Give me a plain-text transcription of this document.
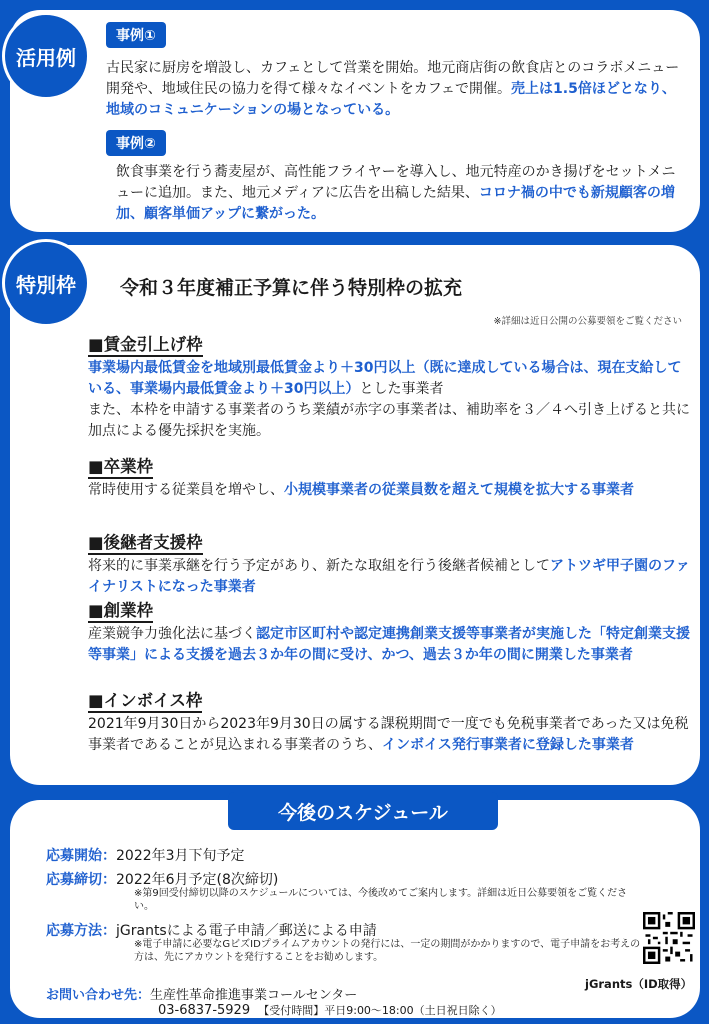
活用例
事例①
古民家に厨房を増設し、カフェとして営業を開始。地元商店街の飲食店とのコラボメニュー開発や、地域住民の協力を得て様々なイベントをカフェで開催。売上は1.5倍ほどとなり、地域のコミュニケーションの場となっている。
事例②
飲食事業を行う蕎麦屋が、高性能フライヤーを導入し、地元特産のかき揚げをセットメニューに追加。また、地元メディアに広告を出稿した結果、コロナ禍の中でも新規顧客の増加、顧客単価アップに繋がった。
特別枠	令和３年度補正予算に伴う特別枠の拡充
※詳細は近日公開の公募要領をご覧ください
■賃金引上げ枠
事業場内最低賃金を地域別最低賃金より＋30円以上（既に達成している場合は、現在支給している、事業場内最低賃金より＋30円以上）とした事業者
また、本枠を申請する事業者のうち業績が赤字の事業者は、補助率を３／４へ引き上げると共に加点による優先採択を実施。
■卒業枠
常時使用する従業員を増やし、小規模事業者の従業員数を超えて規模を拡大する事業者
■後継者支援枠
将来的に事業承継を行う予定があり、新たな取組を行う後継者候補としてアトツギ甲子園のファイナリストになった事業者
■創業枠
産業競争力強化法に基づく認定市区町村や認定連携創業支援等事業者が実施した「特定創業支援等事業」による支援を過去３か年の間に受け、かつ、過去３か年の間に開業した事業者
■インボイス枠
2021年9月30日から2023年9月30日の属する課税期間で一度でも免税事業者であった又は免税事業者であることが見込まれる事業者のうち、インボイス発行事業者に登録した事業者
今後のスケジュール
応募開始：2022年3月下旬予定
応募締切：2022年6月予定(8次締切)
※第9回受付締切以降のスケジュールについては、今後改めてご案内します。詳細は近日公募要領をご覧ください。
応募方法：jGrantsによる電子申請／郵送による申請
※電子申請に必要なGビズIDプライムアカウントの発行には、一定の期間がかかりますので、電子申請をお考えの方は、先にアカウントを発行することをお勧めします。
お問い合わせ先：生産性革命推進事業コールセンター
03-6837-5929 【受付時間】平日9:00～18:00（土日祝日除く）
jGrants（ID取得）
